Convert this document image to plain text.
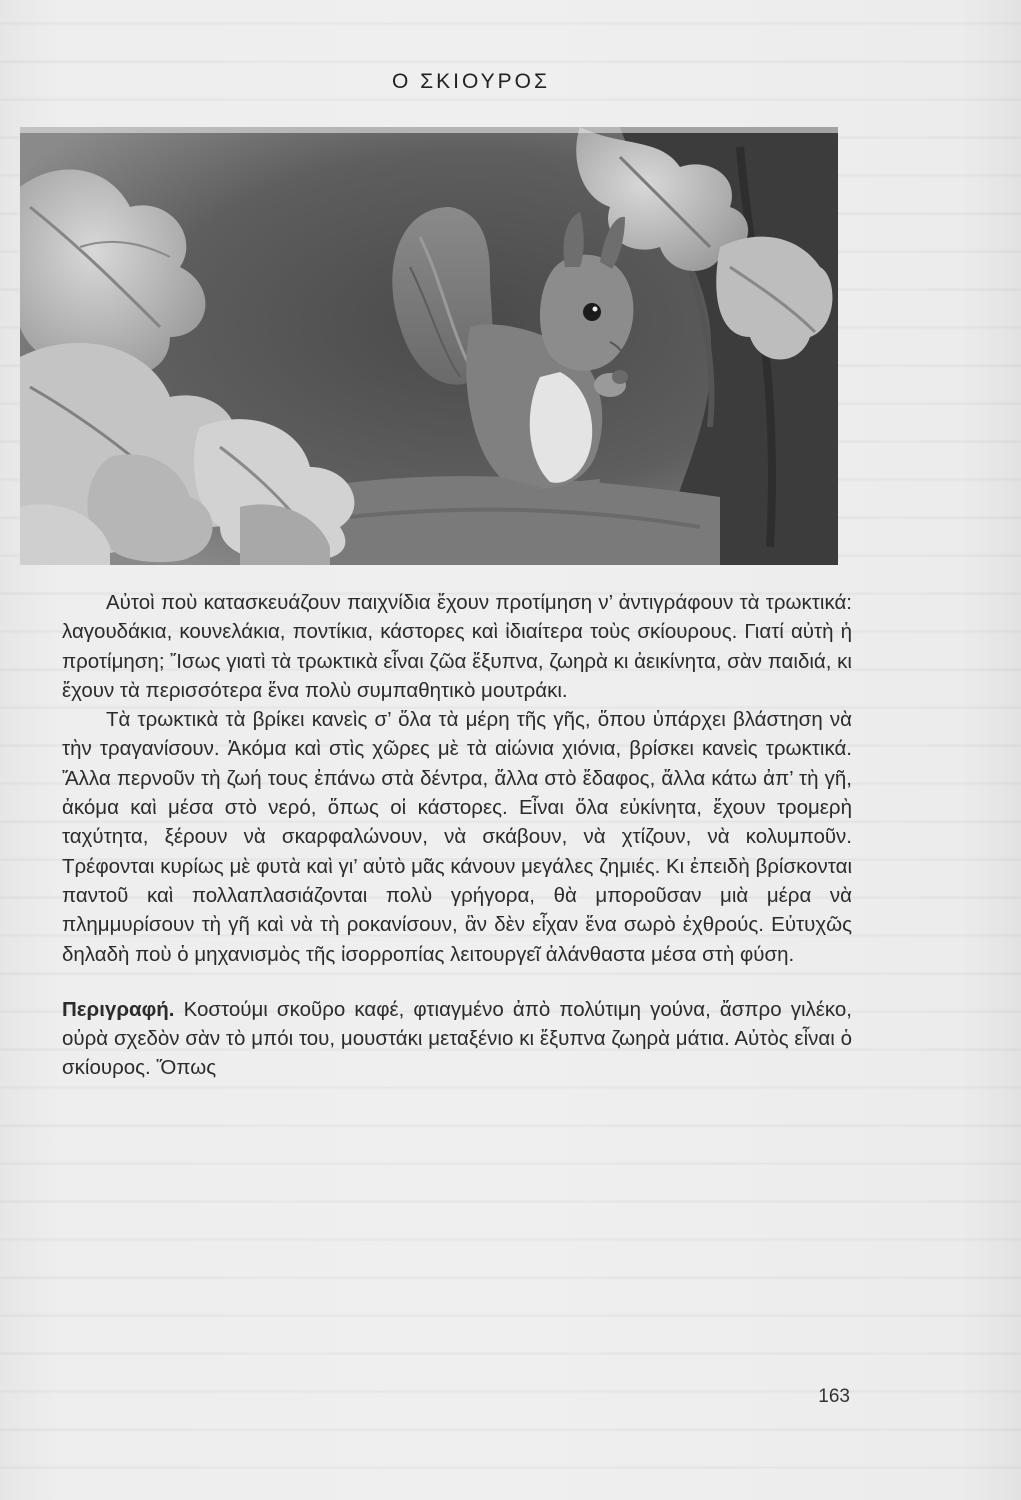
Ο ΣΚΙΟΥΡΟΣ

Αὐτοὶ ποὺ κατασκευάζουν παιχνίδια ἔχουν προτίμηση ν’ ἀντιγράφουν τὰ τρωκτικά: λαγουδάκια, κουνελάκια, ποντίκια, κάστορες καὶ ἰδιαίτερα τοὺς σκίουρους. Γιατί αὐτὴ ἡ προτίμηση; Ἴσως γιατὶ τὰ τρωκτικὰ εἶναι ζῶα ἔξυπνα, ζωηρὰ κι ἀεικίνητα, σὰν παιδιά, κι ἔχουν τὰ περισσότερα ἕνα πολὺ συμπαθητικὸ μουτράκι.

Τὰ τρωκτικὰ τὰ βρίκει κανεὶς σ’ ὅλα τὰ μέρη τῆς γῆς, ὅπου ὑπάρχει βλάστηση νὰ τὴν τραγανίσουν. Ἀκόμα καὶ στὶς χῶρες μὲ τὰ αἰώνια χιόνια, βρίσκει κανεὶς τρωκτικά. Ἄλλα περνοῦν τὴ ζωή τους ἐπάνω στὰ δέντρα, ἄλλα στὸ ἔδαφος, ἄλλα κάτω ἀπ’ τὴ γῆ, ἀκόμα καὶ μέσα στὸ νερό, ὅπως οἱ κάστορες. Εἶναι ὅλα εὐκίνητα, ἔχουν τρομερὴ ταχύτητα, ξέρουν νὰ σκαρφαλώνουν, νὰ σκάβουν, νὰ χτίζουν, νὰ κολυμποῦν. Τρέφονται κυρίως μὲ φυτὰ καὶ γι’ αὐτὸ μᾶς κάνουν μεγάλες ζημιές. Κι ἐπειδὴ βρίσκονται παντοῦ καὶ πολλαπλασιάζονται πολὺ γρήγορα, θὰ μποροῦσαν μιὰ μέρα νὰ πλημμυρίσουν τὴ γῆ καὶ νὰ τὴ ροκανίσουν, ἂν δὲν εἶχαν ἕνα σωρὸ ἐχθρούς. Εὐτυχῶς δηλαδὴ ποὺ ὁ μηχανισμὸς τῆς ἰσορροπίας λειτουργεῖ ἀλάνθαστα μέσα στὴ φύση.

Περιγραφή. Κοστούμι σκοῦρο καφέ, φτιαγμένο ἀπὸ πολύτιμη γούνα, ἄσπρο γιλέκο, οὐρὰ σχεδὸν σὰν τὸ μπόι του, μουστάκι μεταξένιο κι ἔξυπνα ζωηρὰ μάτια. Αὐτὸς εἶναι ὁ σκίουρος. Ὅπως

163
